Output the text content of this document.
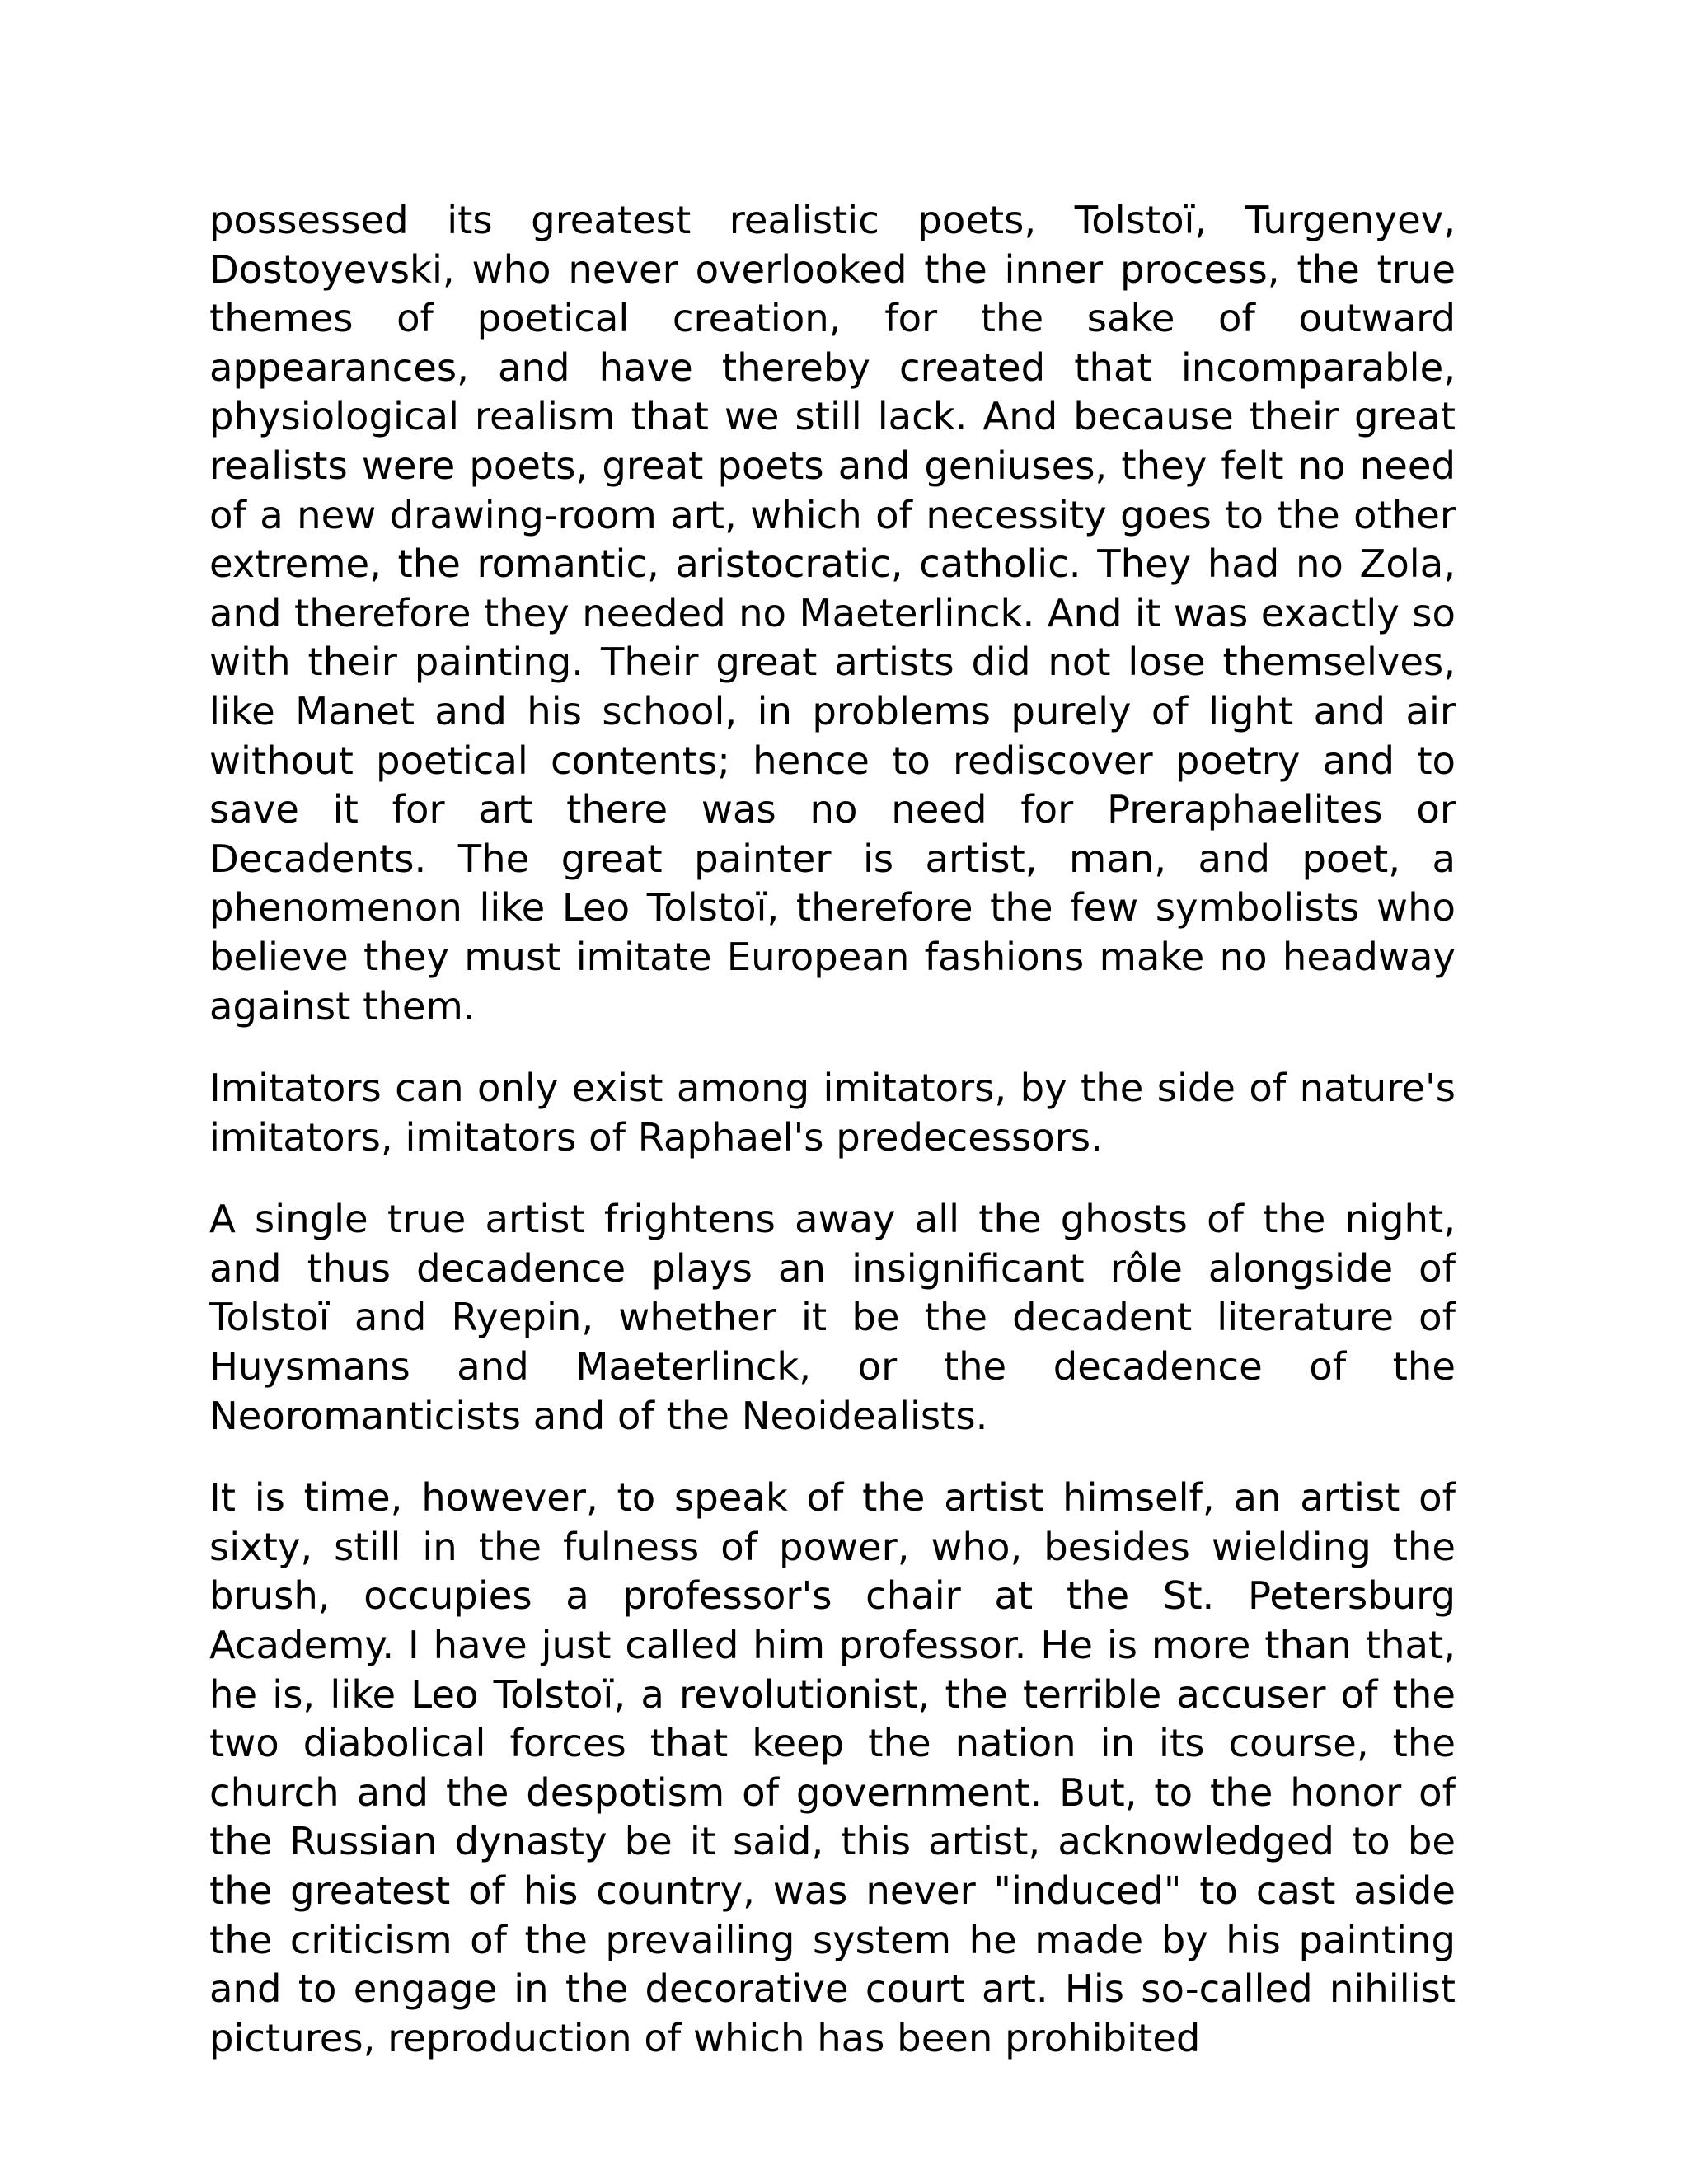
possessed its greatest realistic poets, Tolstoï, Turgenyev, Dostoyevski, who never overlooked the inner process, the true themes of poetical creation, for the sake of outward appearances, and have thereby created that incomparable, physiological realism that we still lack. And because their great realists were poets, great poets and geniuses, they felt no need of a new drawing-room art, which of necessity goes to the other extreme, the romantic, aristocratic, catholic. They had no Zola, and therefore they needed no Maeterlinck. And it was exactly so with their painting. Their great artists did not lose themselves, like Manet and his school, in problems purely of light and air without poetical contents; hence to rediscover poetry and to save it for art there was no need for Preraphaelites or Decadents. The great painter is artist, man, and poet, a phenomenon like Leo Tolstoï, therefore the few symbolists who believe they must imitate European fashions make no headway against them.

Imitators can only exist among imitators, by the side of nature's imitators, imitators of Raphael's predecessors.

A single true artist frightens away all the ghosts of the night, and thus decadence plays an insignificant rôle alongside of Tolstoï and Ryepin, whether it be the decadent literature of Huysmans and Maeterlinck, or the decadence of the Neoromanticists and of the Neoidealists.

It is time, however, to speak of the artist himself, an artist of sixty, still in the fulness of power, who, besides wielding the brush, occupies a professor's chair at the St. Petersburg Academy. I have just called him professor. He is more than that, he is, like Leo Tolstoï, a revolutionist, the terrible accuser of the two diabolical forces that keep the nation in its course, the church and the despotism of government. But, to the honor of the Russian dynasty be it said, this artist, acknowledged to be the greatest of his country, was never "induced" to cast aside the criticism of the prevailing system he made by his painting and to engage in the decorative court art. His so-called nihilist pictures, reproduction of which has been prohibited
